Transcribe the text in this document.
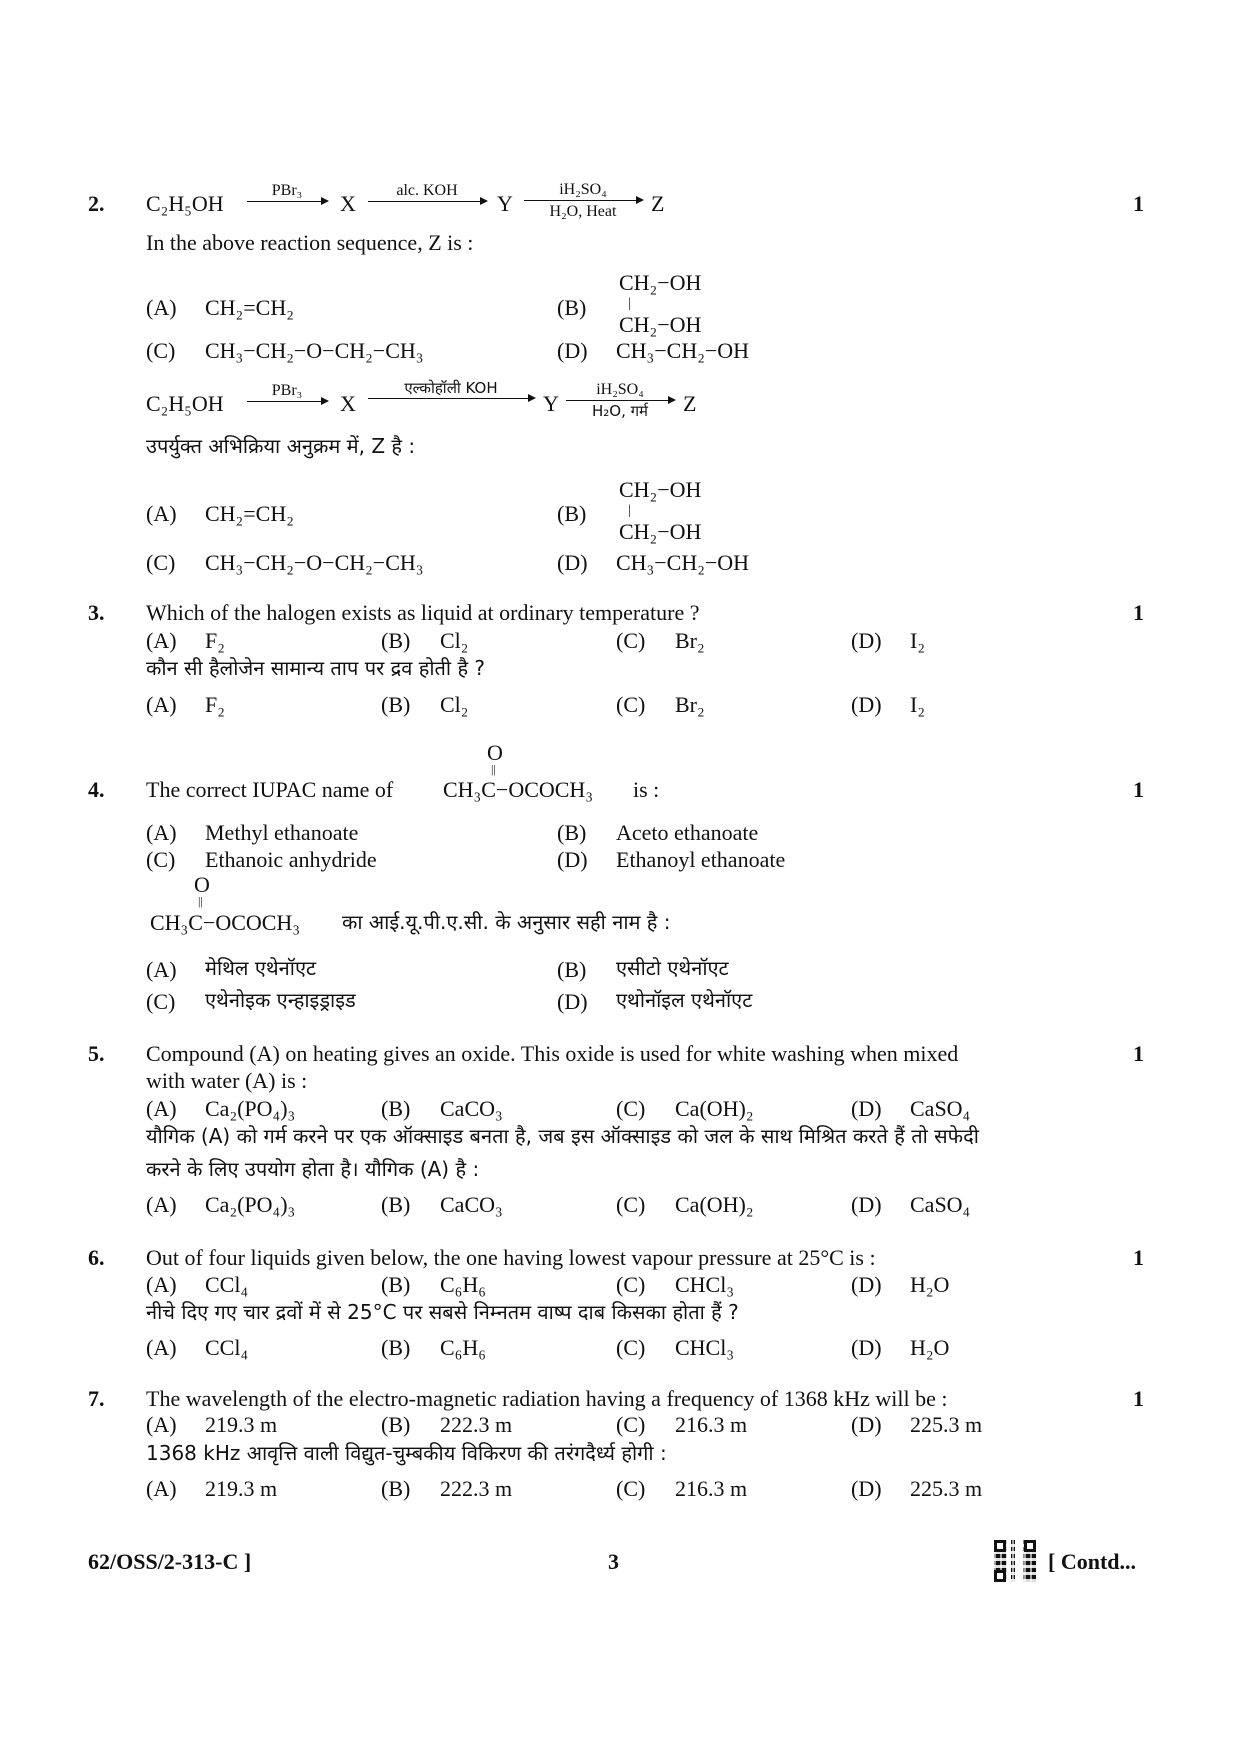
2.	1
C₂H₅OH
PBr₃
X
alc. KOH
Y
iH₂SO₄
H₂O, Heat	Z
In the above reaction sequence, Z is :
(A) CH₂=CH₂	(B)
CH₂−OH
|
CH₂−OH
(C) CH₃−CH₂−O−CH₂−CH₃	(D) CH₃−CH₂−OH
C₂H₅OH
PBr₃
X
एल्कोहॉली KOH
Y
iH₂SO₄
H₂O, गर्म	Z
उपर्युक्त अभिक्रिया अनुक्रम में, Z है :
(A) CH₂=CH₂	(B)
CH₂−OH
|
CH₂−OH
(C) CH₃−CH₂−O−CH₂−CH₃	(D) CH₃−CH₂−OH
3.	1
Which of the halogen exists as liquid at ordinary temperature ?
(A) F₂	(B) Cl₂	(C) Br₂	(D) I₂
कौन सी हैलोजेन सामान्य ताप पर द्रव होती है ?
(A) F₂	(B) Cl₂	(C) Br₂	(D) I₂
4.	1
The correct IUPAC name of
O
||
CH₃C−OCOCH₃ is :
(A) Methyl ethanoate	(B) Aceto ethanoate
(C) Ethanoic anhydride	(D) Ethanoyl ethanoate
O
||
CH₃C−OCOCH₃ का आई.यू.पी.ए.सी. के अनुसार सही नाम है :
(A) मेथिल एथेनॉएट	(B) एसीटो एथेनॉएट
(C) एथेनोइक एन्हाइड्राइड	(D) एथोनॉइल एथेनॉएट
5.	1
Compound (A) on heating gives an oxide. This oxide is used for white washing when mixed
with water (A) is :
(A) Ca₂(PO₄)₃	(B) CaCO₃	(C) Ca(OH)₂	(D) CaSO₄
यौगिक (A) को गर्म करने पर एक ऑक्साइड बनता है, जब इस ऑक्साइड को जल के साथ मिश्रित करते हैं तो सफेदी
करने के लिए उपयोग होता है। यौगिक (A) है :
(A) Ca₂(PO₄)₃	(B) CaCO₃	(C) Ca(OH)₂	(D) CaSO₄
6.	1
Out of four liquids given below, the one having lowest vapour pressure at 25°C is :
(A) CCl₄	(B) C₆H₆	(C) CHCl₃	(D) H₂O
नीचे दिए गए चार द्रवों में से 25°C पर सबसे निम्नतम वाष्प दाब किसका होता हैं ?
(A) CCl₄	(B) C₆H₆	(C) CHCl₃	(D) H₂O
7.	1
The wavelength of the electro-magnetic radiation having a frequency of 1368 kHz will be :
(A) 219.3 m	(B) 222.3 m	(C) 216.3 m	(D) 225.3 m
1368 kHz आवृत्ति वाली विद्युत-चुम्बकीय विकिरण की तरंगदैर्ध्य होगी :
(A) 219.3 m	(B) 222.3 m	(C) 216.3 m	(D) 225.3 m
62/OSS/2-313-C ]	3	[ Contd...
